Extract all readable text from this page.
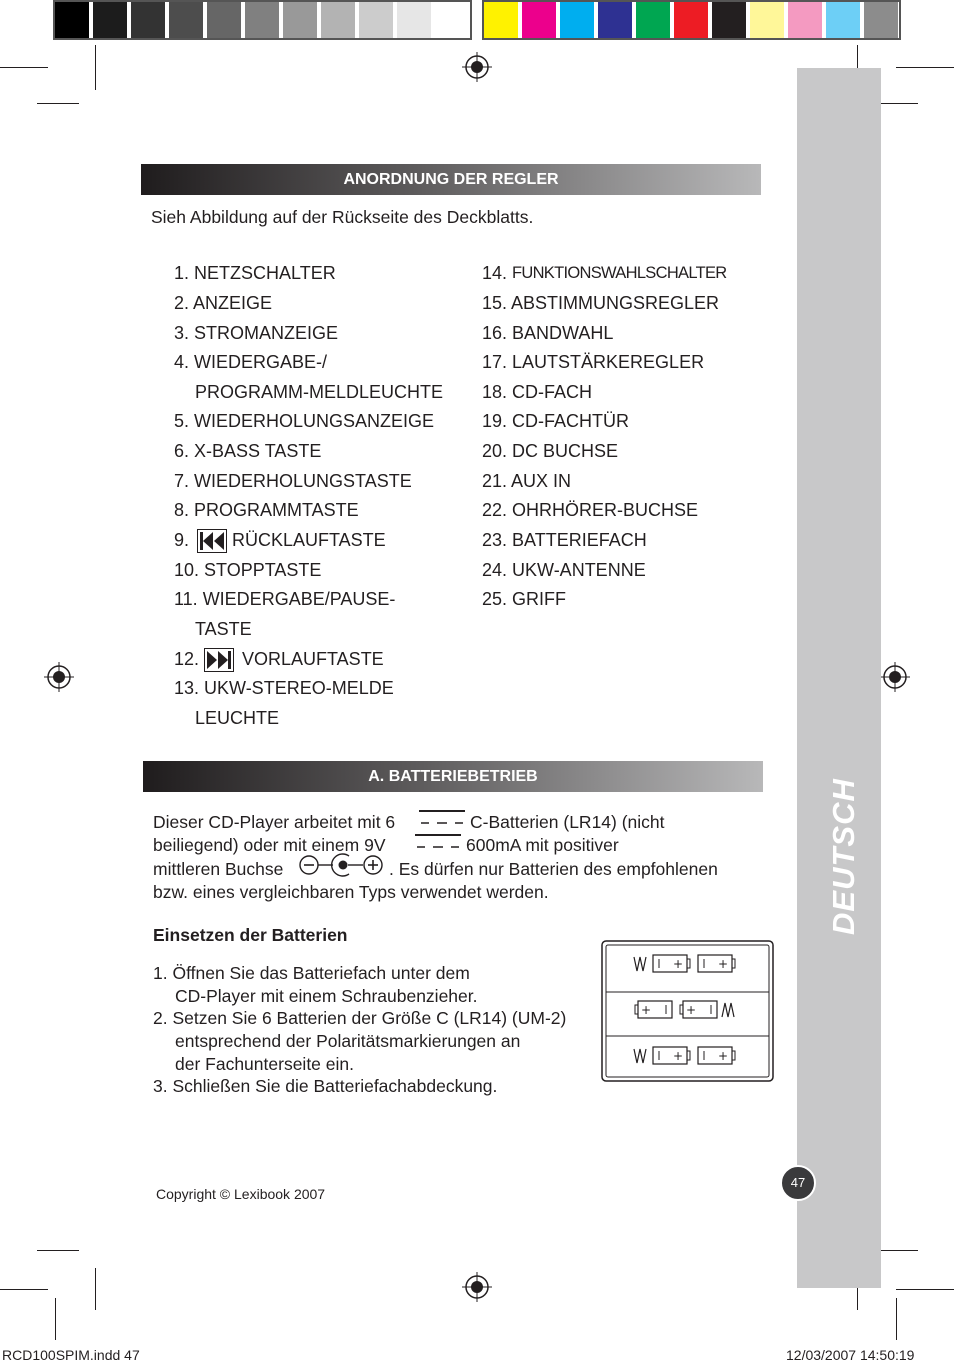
DEUTSCH
47
ANORDNUNG DER REGLER
Sieh Abbildung auf der Rückseite des Deckblatts.
1. NETZSCHALTER
2. ANZEIGE
3. STROMANZEIGE
4. WIEDERGABE-/
PROGRAMM-MELDLEUCHTE
5. WIEDERHOLUNGSANZEIGE
6. X-BASS TASTE
7. WIEDERHOLUNGSTASTE
8. PROGRAMMTASTE
9. RÜCKLAUFTASTE
10. STOPPTASTE
11. WIEDERGABE/PAUSE-
TASTE
12. VORLAUFTASTE
13. UKW-STEREO-MELDE
LEUCHTE
14. FUNKTIONSWAHLSCHALTER
15. ABSTIMMUNGSREGLER
16. BANDWAHL
17. LAUTSTÄRKEREGLER
18. CD-FACH
19. CD-FACHTÜR
20. DC BUCHSE
21. AUX IN
22. OHRHÖRER-BUCHSE
23. BATTERIEFACH
24. UKW-ANTENNE
25. GRIFF
A. BATTERIEBETRIEB
Dieser CD-Player arbeitet mit 6	C-Batterien (LR14) (nicht
beiliegend) oder mit einem 9V	600mA mit positiver
mittleren Buchse	. Es dürfen nur Batterien des empfohlenen
bzw. eines vergleichbaren Typs verwendet werden.
Einsetzen der Batterien
1. Öffnen Sie das Batteriefach unter dem
CD-Player mit einem Schraubenzieher.
2. Setzen Sie 6 Batterien der Größe C (LR14) (UM-2)
entsprechend der Polaritätsmarkierungen an
der Fachunterseite ein.
3. Schließen Sie die Batteriefachabdeckung.
+	+
+	+
+	+
Copyright © Lexibook 2007
RCD100SPIM.indd 47	12/03/2007 14:50:19
